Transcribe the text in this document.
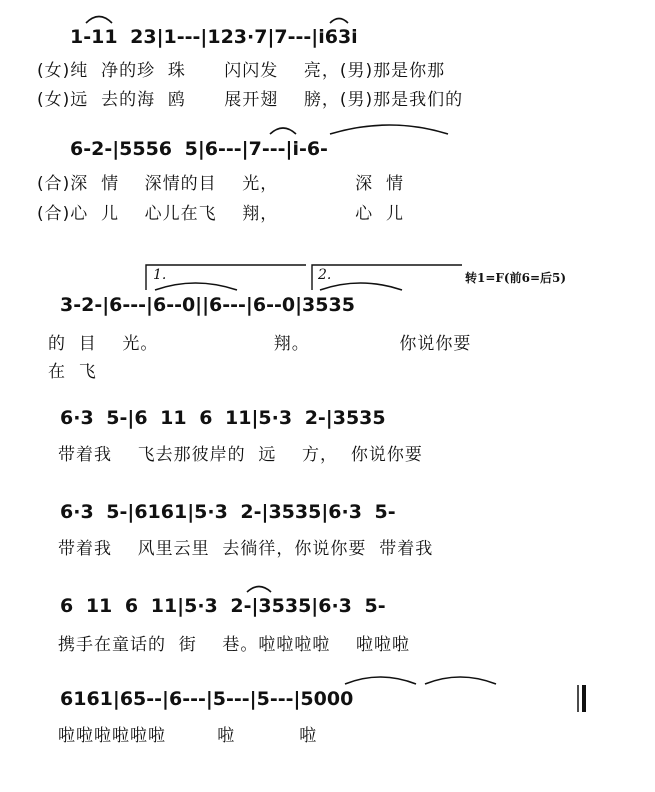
1-11 23|1---|123·7|7---|i63i
(女)纯  净的珍  珠      闪闪发    亮，(男)那是你那
(女)远  去的海  鸥      展开翅    膀，(男)那是我们的
6-2-|5556 5|6---|7---|i-6-
(合)深  情    深情的目    光，            深  情
(合)心  儿    心儿在飞    翔，            心  儿
1.	2.	转1=F(前6=后5)
3-2-|6---|6--0||6---|6--0|3535
的  目    光。                  翔。              你说你要
在  飞
6·3 5-|6 11 6 11|5·3 2-|3535
带着我    飞去那彼岸的  远    方，  你说你要
6·3 5-|6161|5·3 2-|3535|6·3 5-
带着我    风里云里  去徜徉，你说你要  带着我
6 11 6 11|5·3 2-|3535|6·3 5-
携手在童话的  街    巷。啦啦啦啦    啦啦啦
6161|65--|6---|5---|5---|5000
啦啦啦啦啦啦        啦          啦
